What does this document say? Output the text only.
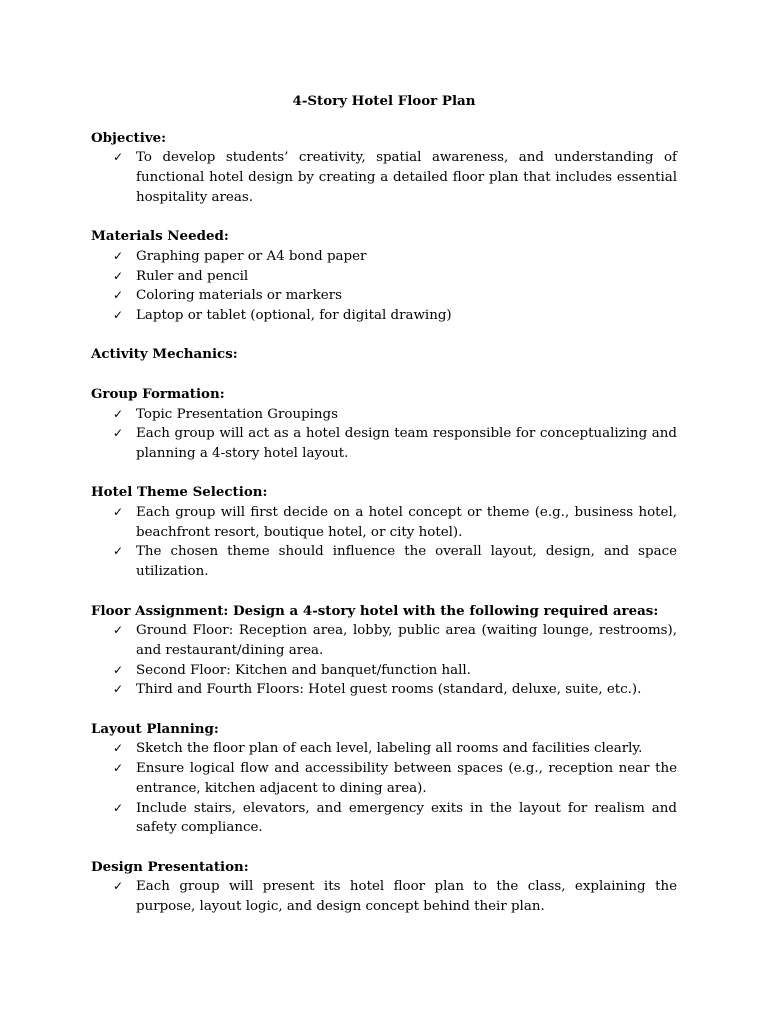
4-Story Hotel Floor Plan

Objective:

✓ To develop students’ creativity, spatial awareness, and understanding of functional hotel design by creating a detailed floor plan that includes essential hospitality areas.

Materials Needed:

✓ Graphing paper or A4 bond paper
✓ Ruler and pencil
✓ Coloring materials or markers
✓ Laptop or tablet (optional, for digital drawing)

Activity Mechanics:

Group Formation:

✓ Topic Presentation Groupings
✓ Each group will act as a hotel design team responsible for conceptualizing and planning a 4-story hotel layout.

Hotel Theme Selection:

✓ Each group will first decide on a hotel concept or theme (e.g., business hotel, beachfront resort, boutique hotel, or city hotel).
✓ The chosen theme should influence the overall layout, design, and space utilization.

Floor Assignment: Design a 4-story hotel with the following required areas:

✓ Ground Floor: Reception area, lobby, public area (waiting lounge, restrooms), and restaurant/dining area.
✓ Second Floor: Kitchen and banquet/function hall.
✓ Third and Fourth Floors: Hotel guest rooms (standard, deluxe, suite, etc.).

Layout Planning:

✓ Sketch the floor plan of each level, labeling all rooms and facilities clearly.
✓ Ensure logical flow and accessibility between spaces (e.g., reception near the entrance, kitchen adjacent to dining area).
✓ Include stairs, elevators, and emergency exits in the layout for realism and safety compliance.

Design Presentation:

✓ Each group will present its hotel floor plan to the class, explaining the purpose, layout logic, and design concept behind their plan.
